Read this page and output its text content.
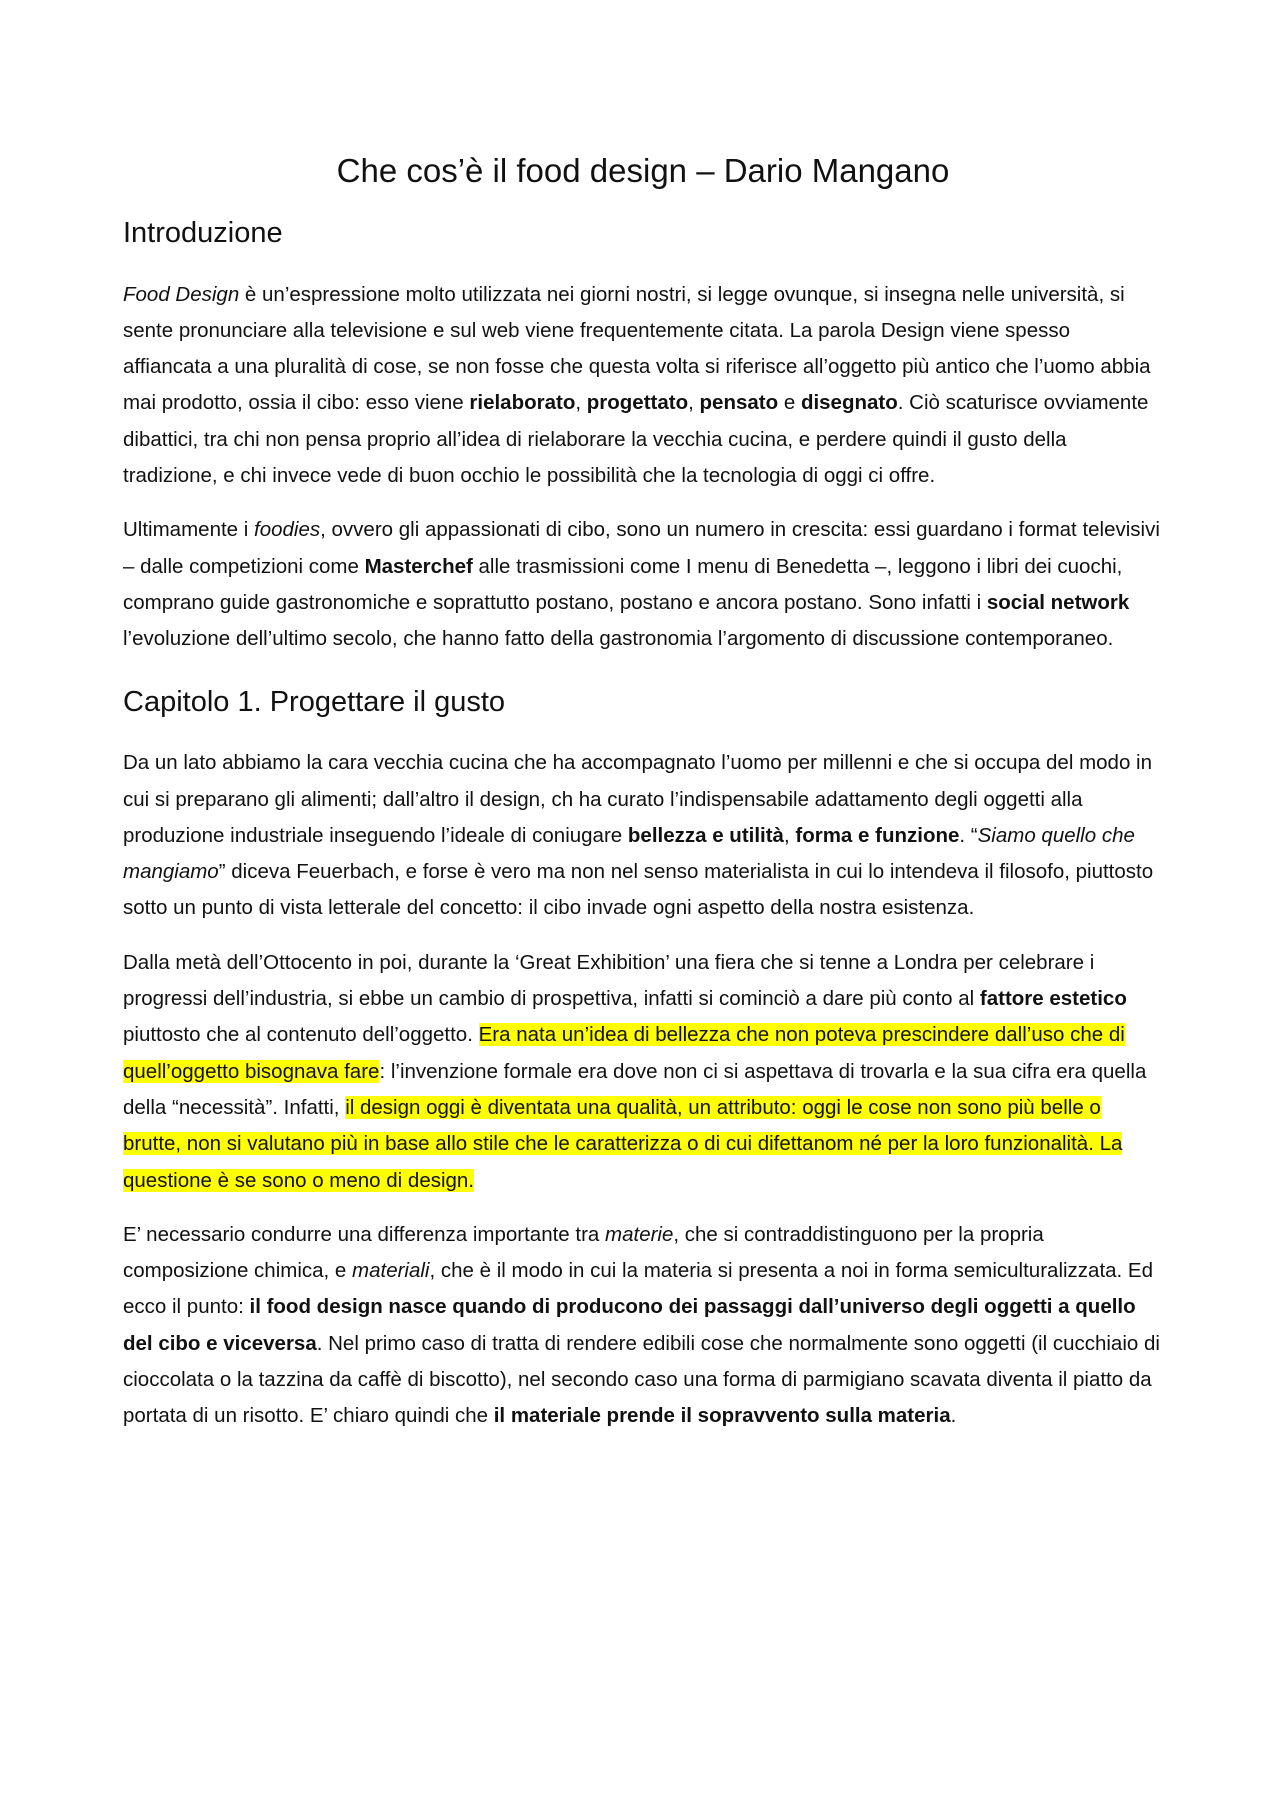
Che cos’è il food design – Dario Mangano
Introduzione

Food Design è un’espressione molto utilizzata nei giorni nostri, si legge ovunque, si insegna nelle università, si sente pronunciare alla televisione e sul web viene frequentemente citata. La parola Design viene spesso affiancata a una pluralità di cose, se non fosse che questa volta si riferisce all’oggetto più antico che l’uomo abbia mai prodotto, ossia il cibo: esso viene rielaborato, progettato, pensato e disegnato. Ciò scaturisce ovviamente dibattici, tra chi non pensa proprio all’idea di rielaborare la vecchia cucina, e perdere quindi il gusto della tradizione, e chi invece vede di buon occhio le possibilità che la tecnologia di oggi ci offre.

Ultimamente i foodies, ovvero gli appassionati di cibo, sono un numero in crescita: essi guardano i format televisivi – dalle competizioni come Masterchef alle trasmissioni come I menu di Benedetta –, leggono i libri dei cuochi, comprano guide gastronomiche e soprattutto postano, postano e ancora postano. Sono infatti i social network l’evoluzione dell’ultimo secolo, che hanno fatto della gastronomia l’argomento di discussione contemporaneo.

Capitolo 1. Progettare il gusto

Da un lato abbiamo la cara vecchia cucina che ha accompagnato l’uomo per millenni e che si occupa del modo in cui si preparano gli alimenti; dall’altro il design, ch ha curato l’indispensabile adattamento degli oggetti alla produzione industriale inseguendo l’ideale di coniugare bellezza e utilità, forma e funzione. “Siamo quello che mangiamo” diceva Feuerbach, e forse è vero ma non nel senso materialista in cui lo intendeva il filosofo, piuttosto sotto un punto di vista letterale del concetto: il cibo invade ogni aspetto della nostra esistenza.

Dalla metà dell’Ottocento in poi, durante la ‘Great Exhibition’ una fiera che si tenne a Londra per celebrare i progressi dell’industria, si ebbe un cambio di prospettiva, infatti si cominciò a dare più conto al fattore estetico piuttosto che al contenuto dell’oggetto. Era nata un’idea di bellezza che non poteva prescindere dall’uso che di quell’oggetto bisognava fare: l’invenzione formale era dove non ci si aspettava di trovarla e la sua cifra era quella della “necessità”. Infatti, il design oggi è diventata una qualità, un attributo: oggi le cose non sono più belle o brutte, non si valutano più in base allo stile che le caratterizza o di cui difettanom né per la loro funzionalità. La questione è se sono o meno di design.

E’ necessario condurre una differenza importante tra materie, che si contraddistinguono per la propria composizione chimica, e materiali, che è il modo in cui la materia si presenta a noi in forma semiculturalizzata. Ed ecco il punto: il food design nasce quando di producono dei passaggi dall’universo degli oggetti a quello del cibo e viceversa. Nel primo caso di tratta di rendere edibili cose che normalmente sono oggetti (il cucchiaio di cioccolata o la tazzina da caffè di biscotto), nel secondo caso una forma di parmigiano scavata diventa il piatto da portata di un risotto. E’ chiaro quindi che il materiale prende il sopravvento sulla materia.
